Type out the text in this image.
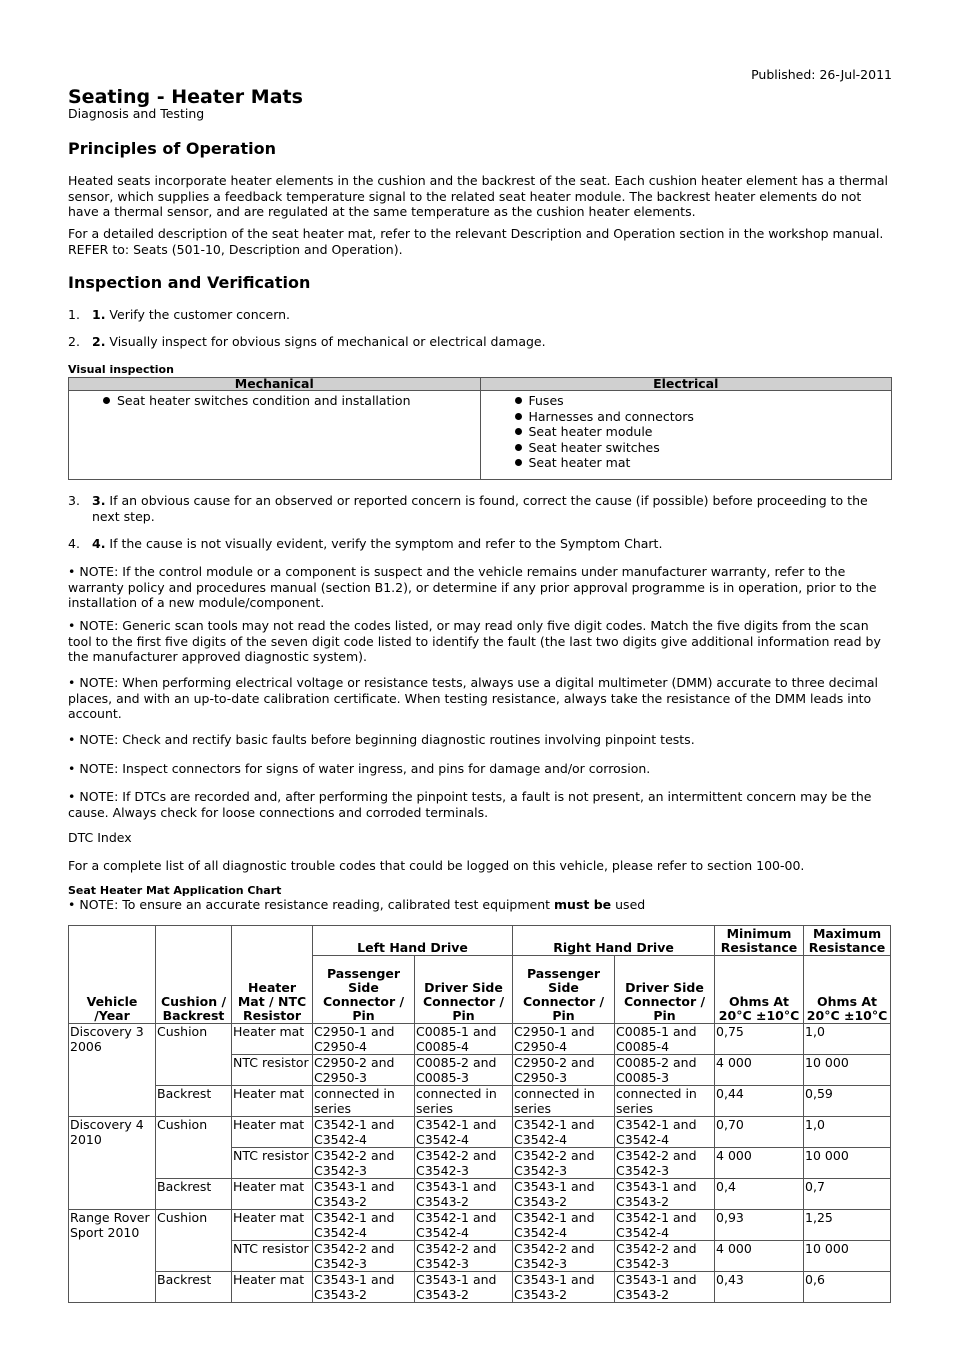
Published: 26-Jul-2011
Seating - Heater Mats
Diagnosis and Testing
Principles of Operation

Heated seats incorporate heater elements in the cushion and the backrest of the seat. Each cushion heater element has a thermal sensor, which supplies a feedback temperature signal to the related seat heater module. The backrest heater elements do not have a thermal sensor, and are regulated at the same temperature as the cushion heater elements.

For a detailed description of the seat heater mat, refer to the relevant Description and Operation section in the workshop manual. REFER to: Seats (501-10, Description and Operation).

Inspection and Verification
1. 1. Verify the customer concern.
2. 2. Visually inspect for obvious signs of mechanical or electrical damage.
Visual inspection
Mechanical	Electrical

Seat heater switches condition and installation	Fuses
Harnesses and connectors
Seat heater module
Seat heater switches
Seat heater mat
3. 3. If an obvious cause for an observed or reported concern is found, correct the cause (if possible) before proceeding to the next step.
4. 4. If the cause is not visually evident, verify the symptom and refer to the Symptom Chart.

• NOTE: If the control module or a component is suspect and the vehicle remains under manufacturer warranty, refer to the warranty policy and procedures manual (section B1.2), or determine if any prior approval programme is in operation, prior to the installation of a new module/component.

• NOTE: Generic scan tools may not read the codes listed, or may read only five digit codes. Match the five digits from the scan tool to the first five digits of the seven digit code listed to identify the fault (the last two digits give additional information read by the manufacturer approved diagnostic system).

• NOTE: When performing electrical voltage or resistance tests, always use a digital multimeter (DMM) accurate to three decimal places, and with an up-to-date calibration certificate. When testing resistance, always take the resistance of the DMM leads into account.

• NOTE: Check and rectify basic faults before beginning diagnostic routines involving pinpoint tests.

• NOTE: Inspect connectors for signs of water ingress, and pins for damage and/or corrosion.

• NOTE: If DTCs are recorded and, after performing the pinpoint tests, a fault is not present, an intermittent concern may be the cause. Always check for loose connections and corroded terminals.

DTC Index

For a complete list of all diagnostic trouble codes that could be logged on this vehicle, please refer to section 100-00.

Seat Heater Mat Application Chart

• NOTE: To ensure an accurate resistance reading, calibrated test equipment must be used

Vehicle /Year	Cushion / Backrest	Heater Mat / NTC Resistor	Left Hand Drive		Right Hand Drive		Minimum Resistance	Maximum Resistance
			Passenger Side Connector / Pin	Driver Side Connector / Pin	Passenger Side Connector / Pin	Driver Side Connector / Pin	Ohms At 20°C ±10°C	Ohms At 20°C ±10°C
Discovery 3 2006	Cushion	Heater mat	C2950-1 and C2950-4	C0085-1 and C0085-4	C2950-1 and C2950-4	C0085-1 and C0085-4	0,75	1,0
		NTC resistor	C2950-2 and C2950-3	C0085-2 and C0085-3	C2950-2 and C2950-3	C0085-2 and C0085-3	4 000	10 000
	Backrest	Heater mat	connected in series	connected in series	connected in series	connected in series	0,44	0,59
Discovery 4 2010	Cushion	Heater mat	C3542-1 and C3542-4	C3542-1 and C3542-4	C3542-1 and C3542-4	C3542-1 and C3542-4	0,70	1,0
		NTC resistor	C3542-2 and C3542-3	C3542-2 and C3542-3	C3542-2 and C3542-3	C3542-2 and C3542-3	4 000	10 000
	Backrest	Heater mat	C3543-1 and C3543-2	C3543-1 and C3543-2	C3543-1 and C3543-2	C3543-1 and C3543-2	0,4	0,7
Range Rover Sport 2010	Cushion	Heater mat	C3542-1 and C3542-4	C3542-1 and C3542-4	C3542-1 and C3542-4	C3542-1 and C3542-4	0,93	1,25
		NTC resistor	C3542-2 and C3542-3	C3542-2 and C3542-3	C3542-2 and C3542-3	C3542-2 and C3542-3	4 000	10 000
	Backrest	Heater mat	C3543-1 and C3543-2	C3543-1 and C3543-2	C3543-1 and C3543-2	C3543-1 and C3543-2	0,43	0,6
